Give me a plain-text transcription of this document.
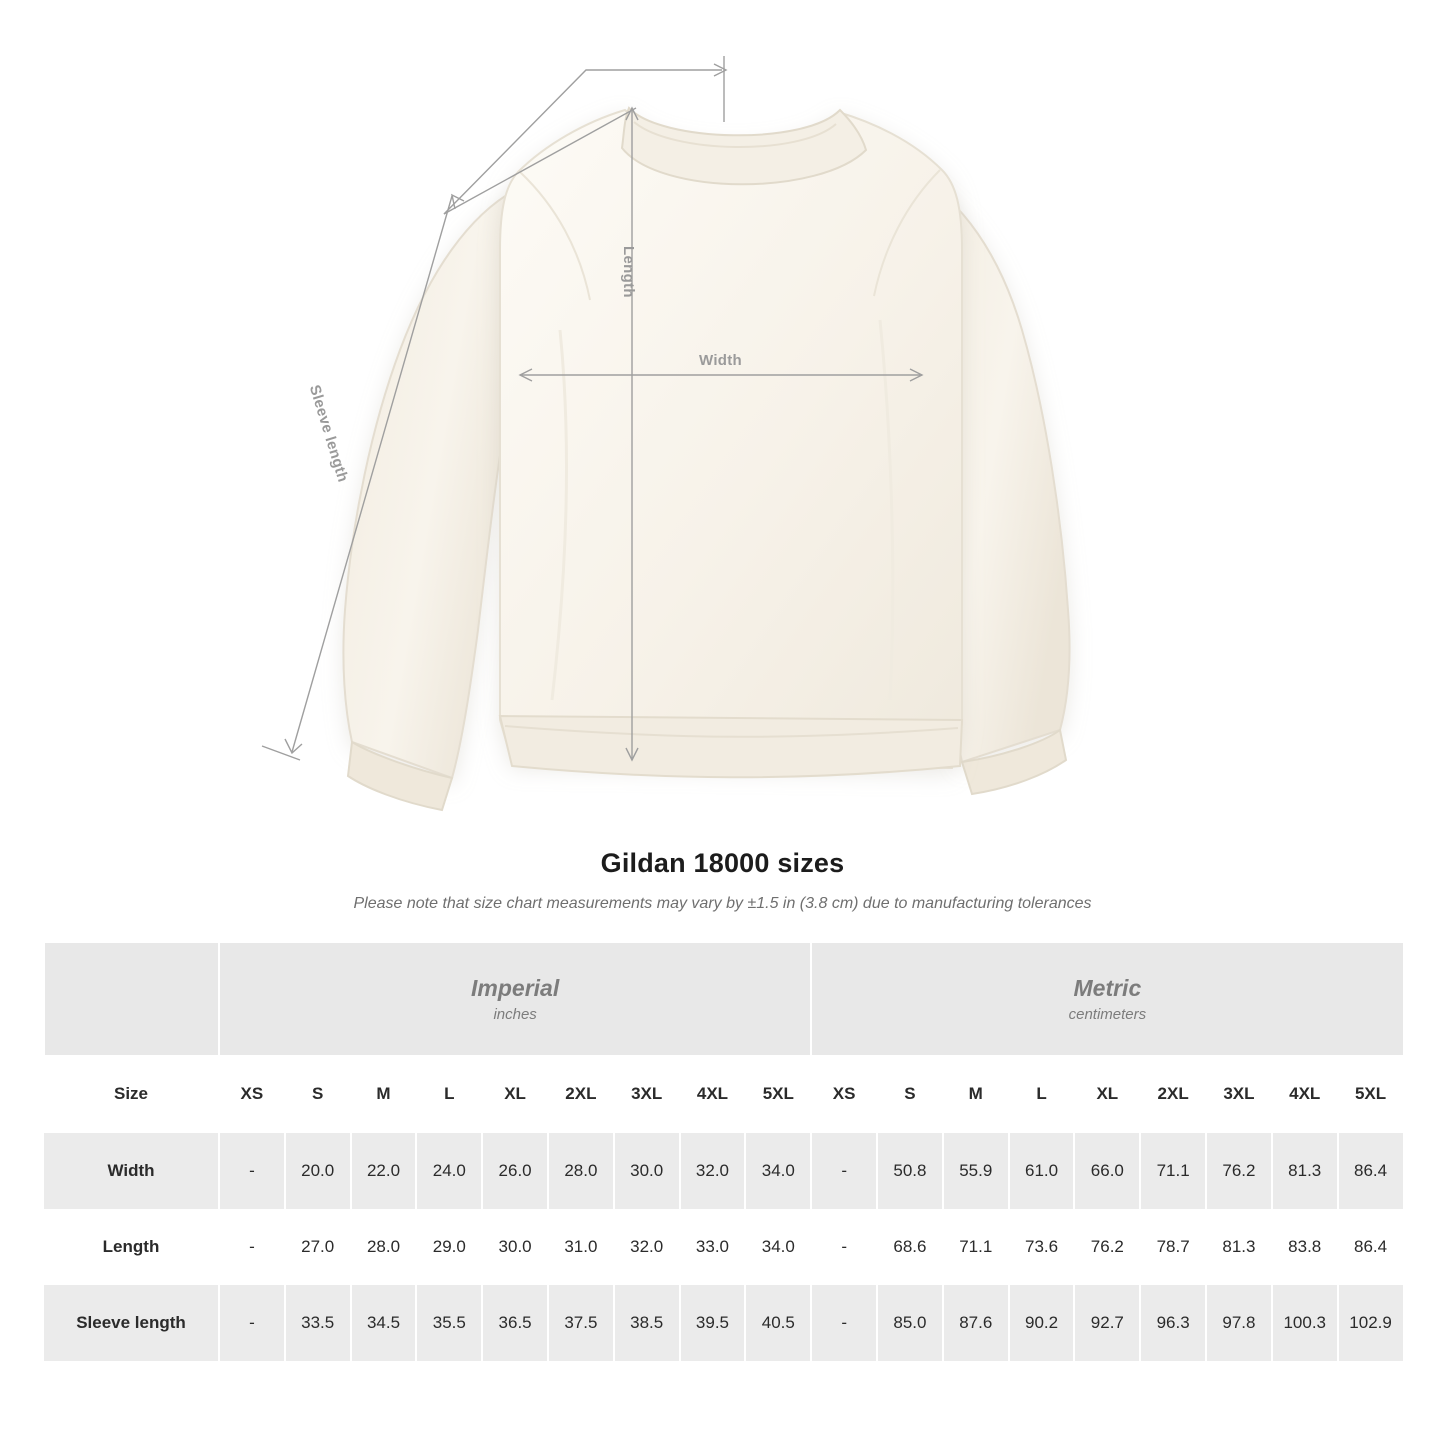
Length
Sleeve length
Width
Gildan 18000 sizes

Please note that size chart measurements may vary by ±1.5 in (3.8 cm) due to manufacturing tolerances

Imperial
inches

Metric
centimeters

Size	XS	S	M	L	XL	2XL	3XL	4XL	5XL	XS	S	M	L	XL	2XL	3XL	4XL	5XL
Width	-	20.0	22.0	24.0	26.0	28.0	30.0	32.0	34.0	-	50.8	55.9	61.0	66.0	71.1	76.2	81.3	86.4
Length	-	27.0	28.0	29.0	30.0	31.0	32.0	33.0	34.0	-	68.6	71.1	73.6	76.2	78.7	81.3	83.8	86.4
Sleeve length	-	33.5	34.5	35.5	36.5	37.5	38.5	39.5	40.5	-	85.0	87.6	90.2	92.7	96.3	97.8	100.3	102.9
